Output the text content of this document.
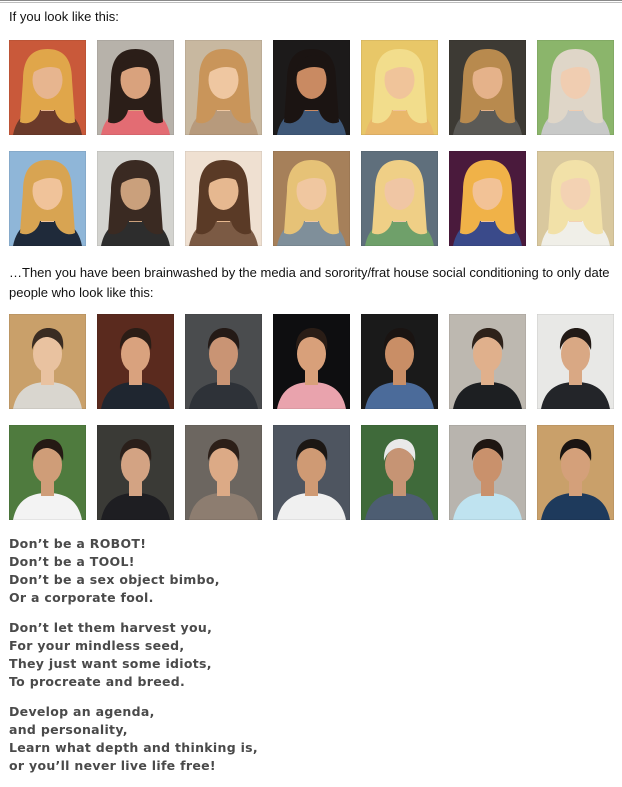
If you look like this:

…Then you have been brainwashed by the media and sorority/frat house social conditioning to only date people who look like this:

Don’t be a ROBOT!
Don’t be a TOOL!
Don’t be a sex object bimbo,
Or a corporate fool.
Don’t let them harvest you,
For your mindless seed,
They just want some idiots,
To procreate and breed.
Develop an agenda,
and personality,
Learn what depth and thinking is,
or you’ll never live life free!
